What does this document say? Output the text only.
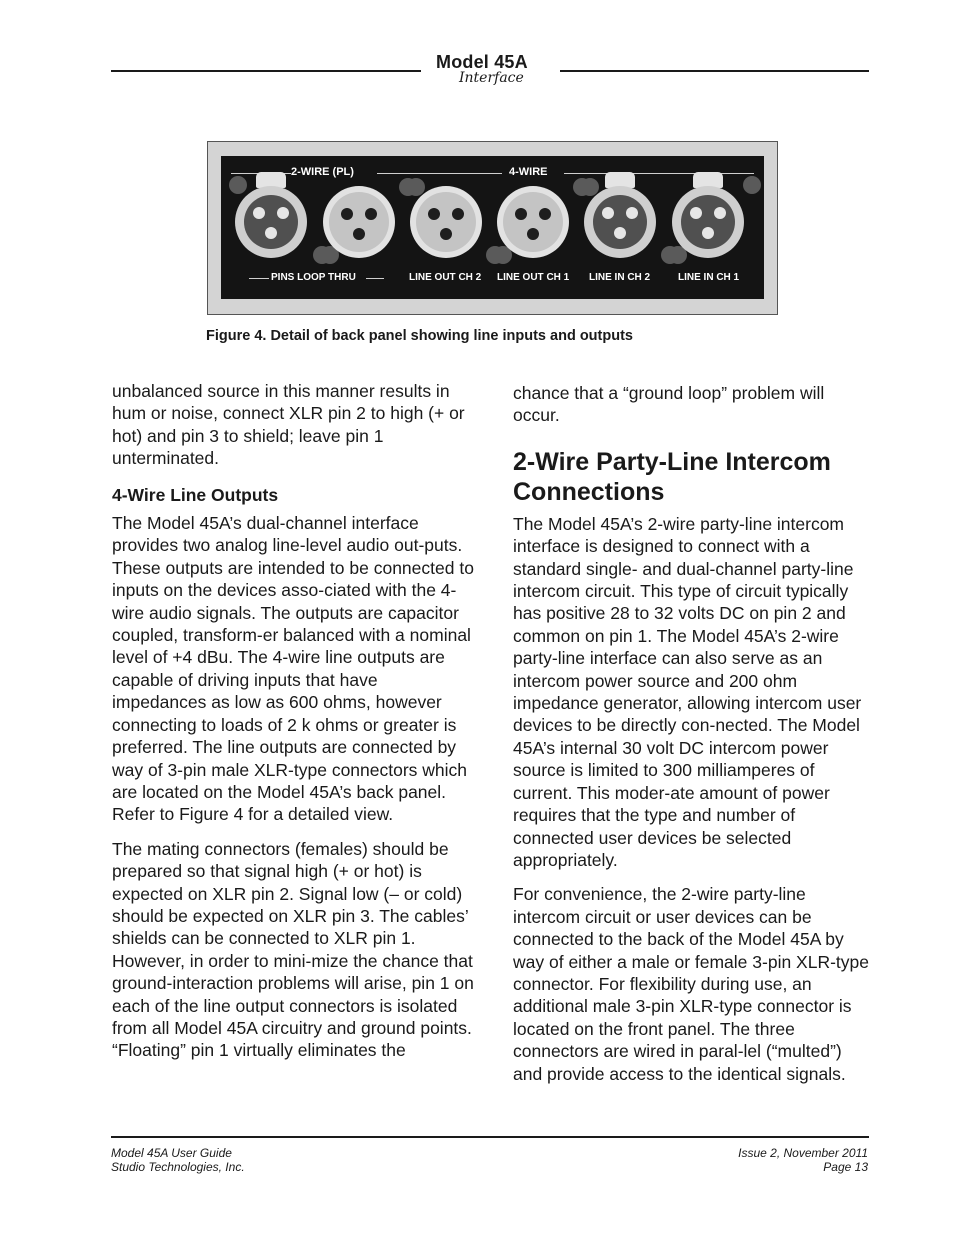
Model 45A
Interface
2-WIRE (PL)	4-WIRE
PINS LOOP THRU	LINE OUT CH 2 LINE OUT CH 1 LINE IN CH 2	LINE IN CH 1
Figure 4. Detail of back panel showing line inputs and outputs

unbalanced source in this manner results in hum or noise, connect XLR pin 2 to high (+ or hot) and pin 3 to shield; leave pin 1 unterminated.

4-Wire Line Outputs

The Model 45A’s dual-channel interface provides two analog line-level audio out-puts. These outputs are intended to be connected to inputs on the devices asso-ciated with the 4-wire audio signals. The outputs are capacitor coupled, transform-er balanced with a nominal level of +4 dBu. The 4-wire line outputs are capable of driving inputs that have impedances as low as 600 ohms, however connecting to loads of 2 k ohms or greater is preferred. The line outputs are connected by way of 3-pin male XLR-type connectors which are located on the Model 45A’s back panel. Refer to Figure 4 for a detailed view.

The mating connectors (females) should be prepared so that signal high (+ or hot) is expected on XLR pin 2. Signal low (– or cold) should be expected on XLR pin 3. The cables’ shields can be connected to XLR pin 1. However, in order to mini-mize the chance that ground-interaction problems will arise, pin 1 on each of the line output connectors is isolated from all Model 45A circuitry and ground points. “Floating” pin 1 virtually eliminates the

chance that a “ground loop” problem will occur.

2-Wire Party-Line Intercom Connections

The Model 45A’s 2-wire party-line intercom interface is designed to connect with a standard single- and dual-channel party-line intercom circuit. This type of circuit typically has positive 28 to 32 volts DC on pin 2 and common on pin 1. The Model 45A’s 2-wire party-line interface can also serve as an intercom power source and 200 ohm impedance generator, allowing intercom user devices to be directly con-nected. The Model 45A’s internal 30 volt DC intercom power source is limited to 300 milliamperes of current. This moder-ate amount of power requires that the type and number of connected user devices be selected appropriately.

For convenience, the 2-wire party-line intercom circuit or user devices can be connected to the back of the Model 45A by way of either a male or female 3-pin XLR-type connector. For flexibility during use, an additional male 3-pin XLR-type connector is located on the front panel. The three connectors are wired in paral-lel (“multed”) and provide access to the identical signals.

Model 45A User Guide
Studio Technologies, Inc.
Issue 2, November 2011
Page 13
